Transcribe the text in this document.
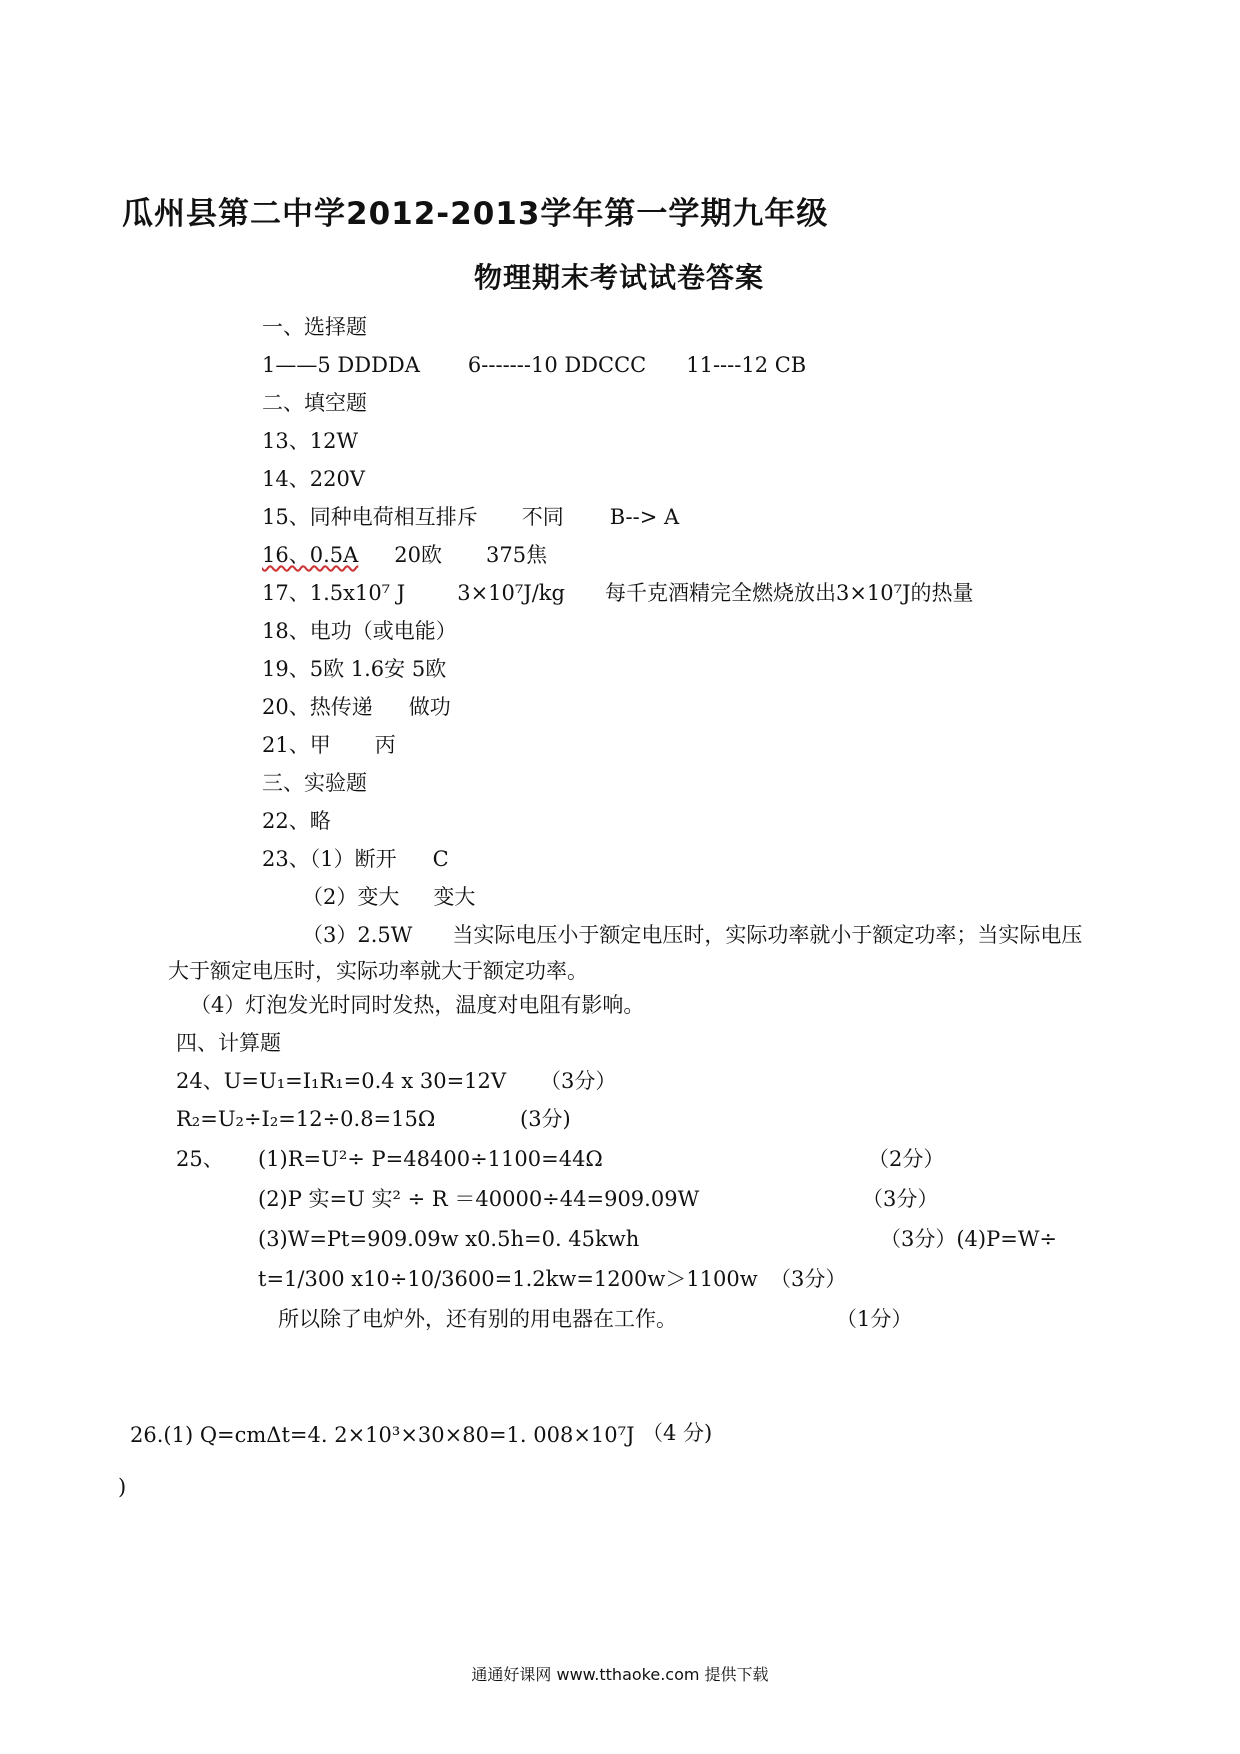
瓜州县第二中学2012-2013学年第一学期九年级
物理期末考试试卷答案
一、选择题
1——5 DDDDA 6-------10 DDCCC 11----12 CB
二、填空题
13、12W
14、220V
15、同种电荷相互排斥 不同 B--> A
16、0.5A 20欧 375焦
17、1.5x10⁷ J 3×10⁷J/kg 每千克酒精完全燃烧放出3×10⁷J的热量
18、电功（或电能）
19、5欧 1.6安 5欧
20、热传递 做功
21、甲 丙
三、实验题
22、略
23、（1）断开 C
（2）变大 变大
（3）2.5W 当实际电压小于额定电压时，实际功率就小于额定功率；当实际电压
大于额定电压时，实际功率就大于额定功率。
（4）灯泡发光时同时发热，温度对电阻有影响。
四、计算题
24、U=U₁=I₁R₁=0.4 x 30=12V （3分）
R₂=U₂÷I₂=12÷0.8=15Ω	(3分)
25、 (1)R=U²÷ P=48400÷1100=44Ω	（2分）
(2)P 实=U 实² ÷ R ＝40000÷44=909.09W	（3分）
(3)W=Pt=909.09w x0.5h=0. 45kwh	（3分）(4)P=W÷
t=1/300 x10÷10/3600=1.2kw=1200w＞1100w （3分）
所以除了电炉外，还有别的用电器在工作。	（1分）
26.(1) Q=cmΔt=4. 2×10³×30×80=1. 008×10⁷J （4 分)
)
通通好课网 www.tthaoke.com 提供下载
